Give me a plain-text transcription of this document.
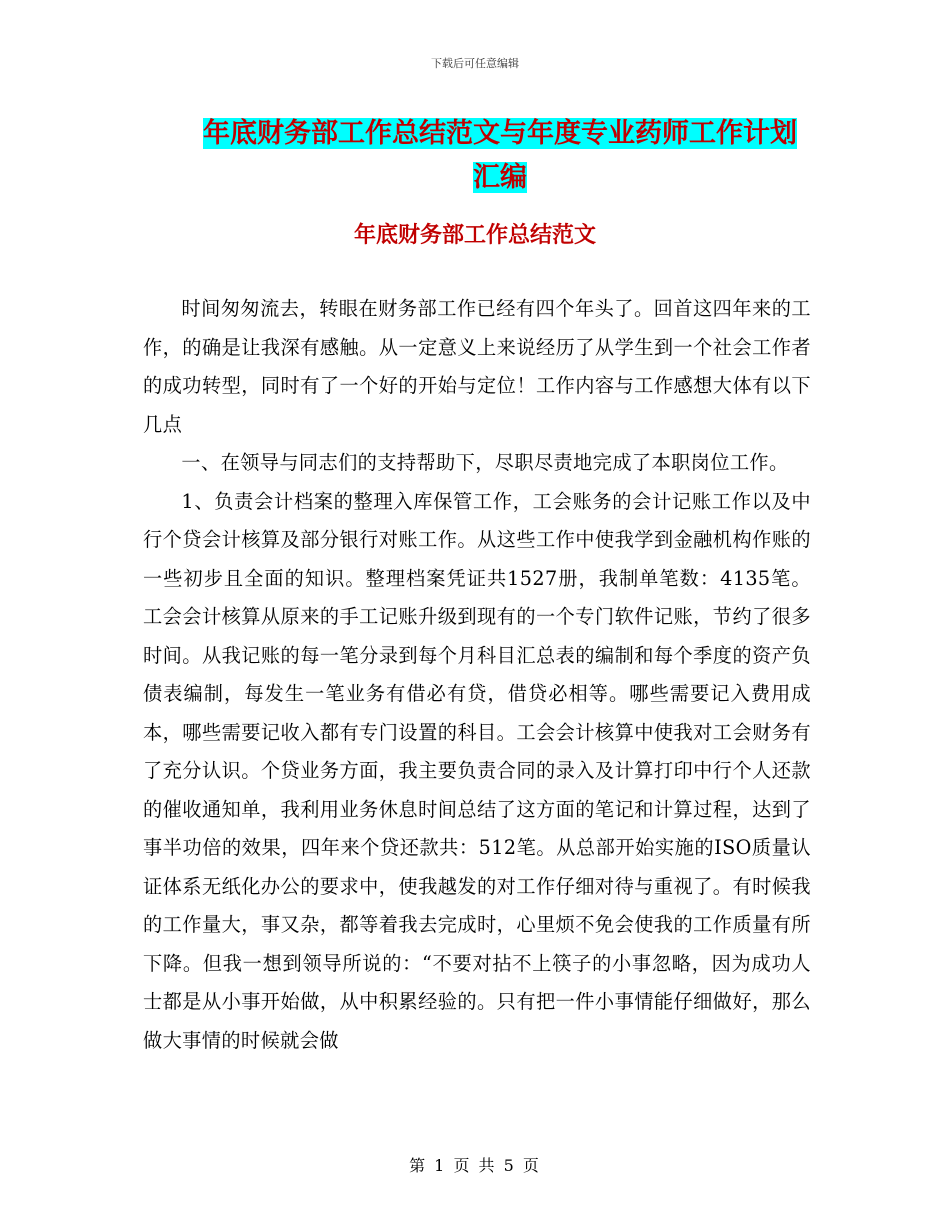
下载后可任意编辑
年底财务部工作总结范文与年度专业药师工作计划汇编
年底财务部工作总结范文

时间匆匆流去，转眼在财务部工作已经有四个年头了。回首这四年来的工作，的确是让我深有感触。从一定意义上来说经历了从学生到一个社会工作者的成功转型，同时有了一个好的开始与定位！工作内容与工作感想大体有以下几点

一、在领导与同志们的支持帮助下，尽职尽责地完成了本职岗位工作。

1、负责会计档案的整理入库保管工作，工会账务的会计记账工作以及中行个贷会计核算及部分银行对账工作。从这些工作中使我学到金融机构作账的一些初步且全面的知识。整理档案凭证共1527册，我制单笔数：4135笔。工会会计核算从原来的手工记账升级到现有的一个专门软件记账，节约了很多时间。从我记账的每一笔分录到每个月科目汇总表的编制和每个季度的资产负债表编制，每发生一笔业务有借必有贷，借贷必相等。哪些需要记入费用成本，哪些需要记收入都有专门设置的科目。工会会计核算中使我对工会财务有了充分认识。个贷业务方面，我主要负责合同的录入及计算打印中行个人还款的催收通知单，我利用业务休息时间总结了这方面的笔记和计算过程，达到了事半功倍的效果，四年来个贷还款共：512笔。从总部开始实施的ISO质量认证体系无纸化办公的要求中，使我越发的对工作仔细对待与重视了。有时候我的工作量大，事又杂，都等着我去完成时，心里烦不免会使我的工作质量有所下降。但我一想到领导所说的：“不要对拈不上筷子的小事忽略，因为成功人士都是从小事开始做，从中积累经验的。只有把一件小事情能仔细做好，那么做大事情的时候就会做

第 1 页 共 5 页
